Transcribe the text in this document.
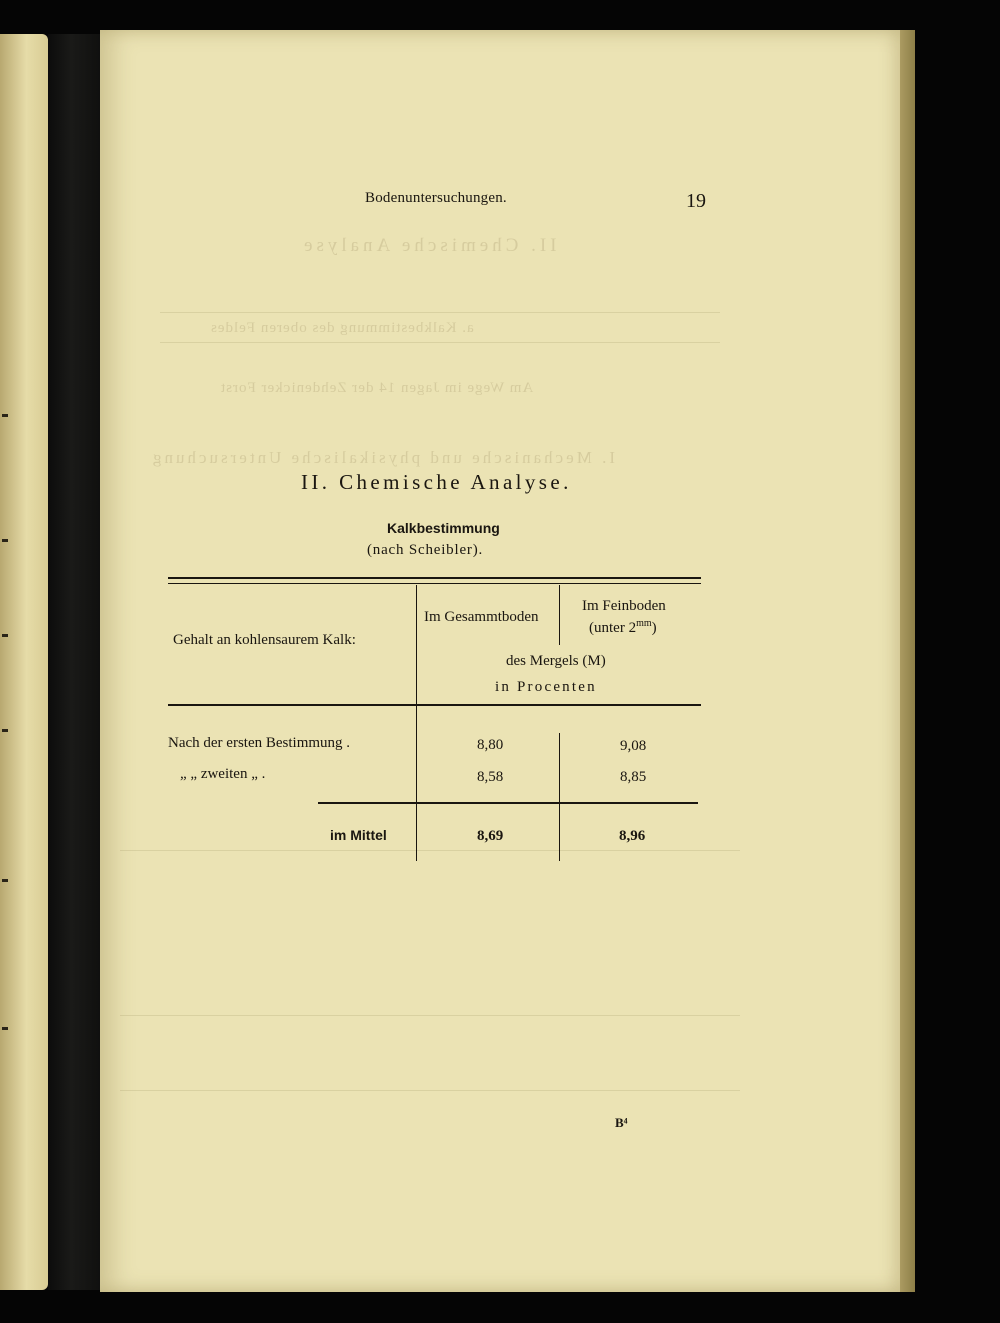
II. Chemische Analyse
a. Kalkbestimmung des oberen Feldes
Am Wege im Jagen 14 der Zehdenicker Forst
I. Mechanische und physikalische Untersuchung
Bodenuntersuchungen.	19
II. Chemische Analyse.
Kalkbestimmung
(nach Scheibler).
Gehalt an kohlensaurem Kalk:
Im Gesammtboden
Im Feinboden
(unter $2^{mm}$)
des Mergels (M)
in Procenten
Nach der ersten Bestimmung .	8,80	9,08
„ „ zweiten „ .	8,58	8,85
im Mittel	8,69	8,96
B⁴
